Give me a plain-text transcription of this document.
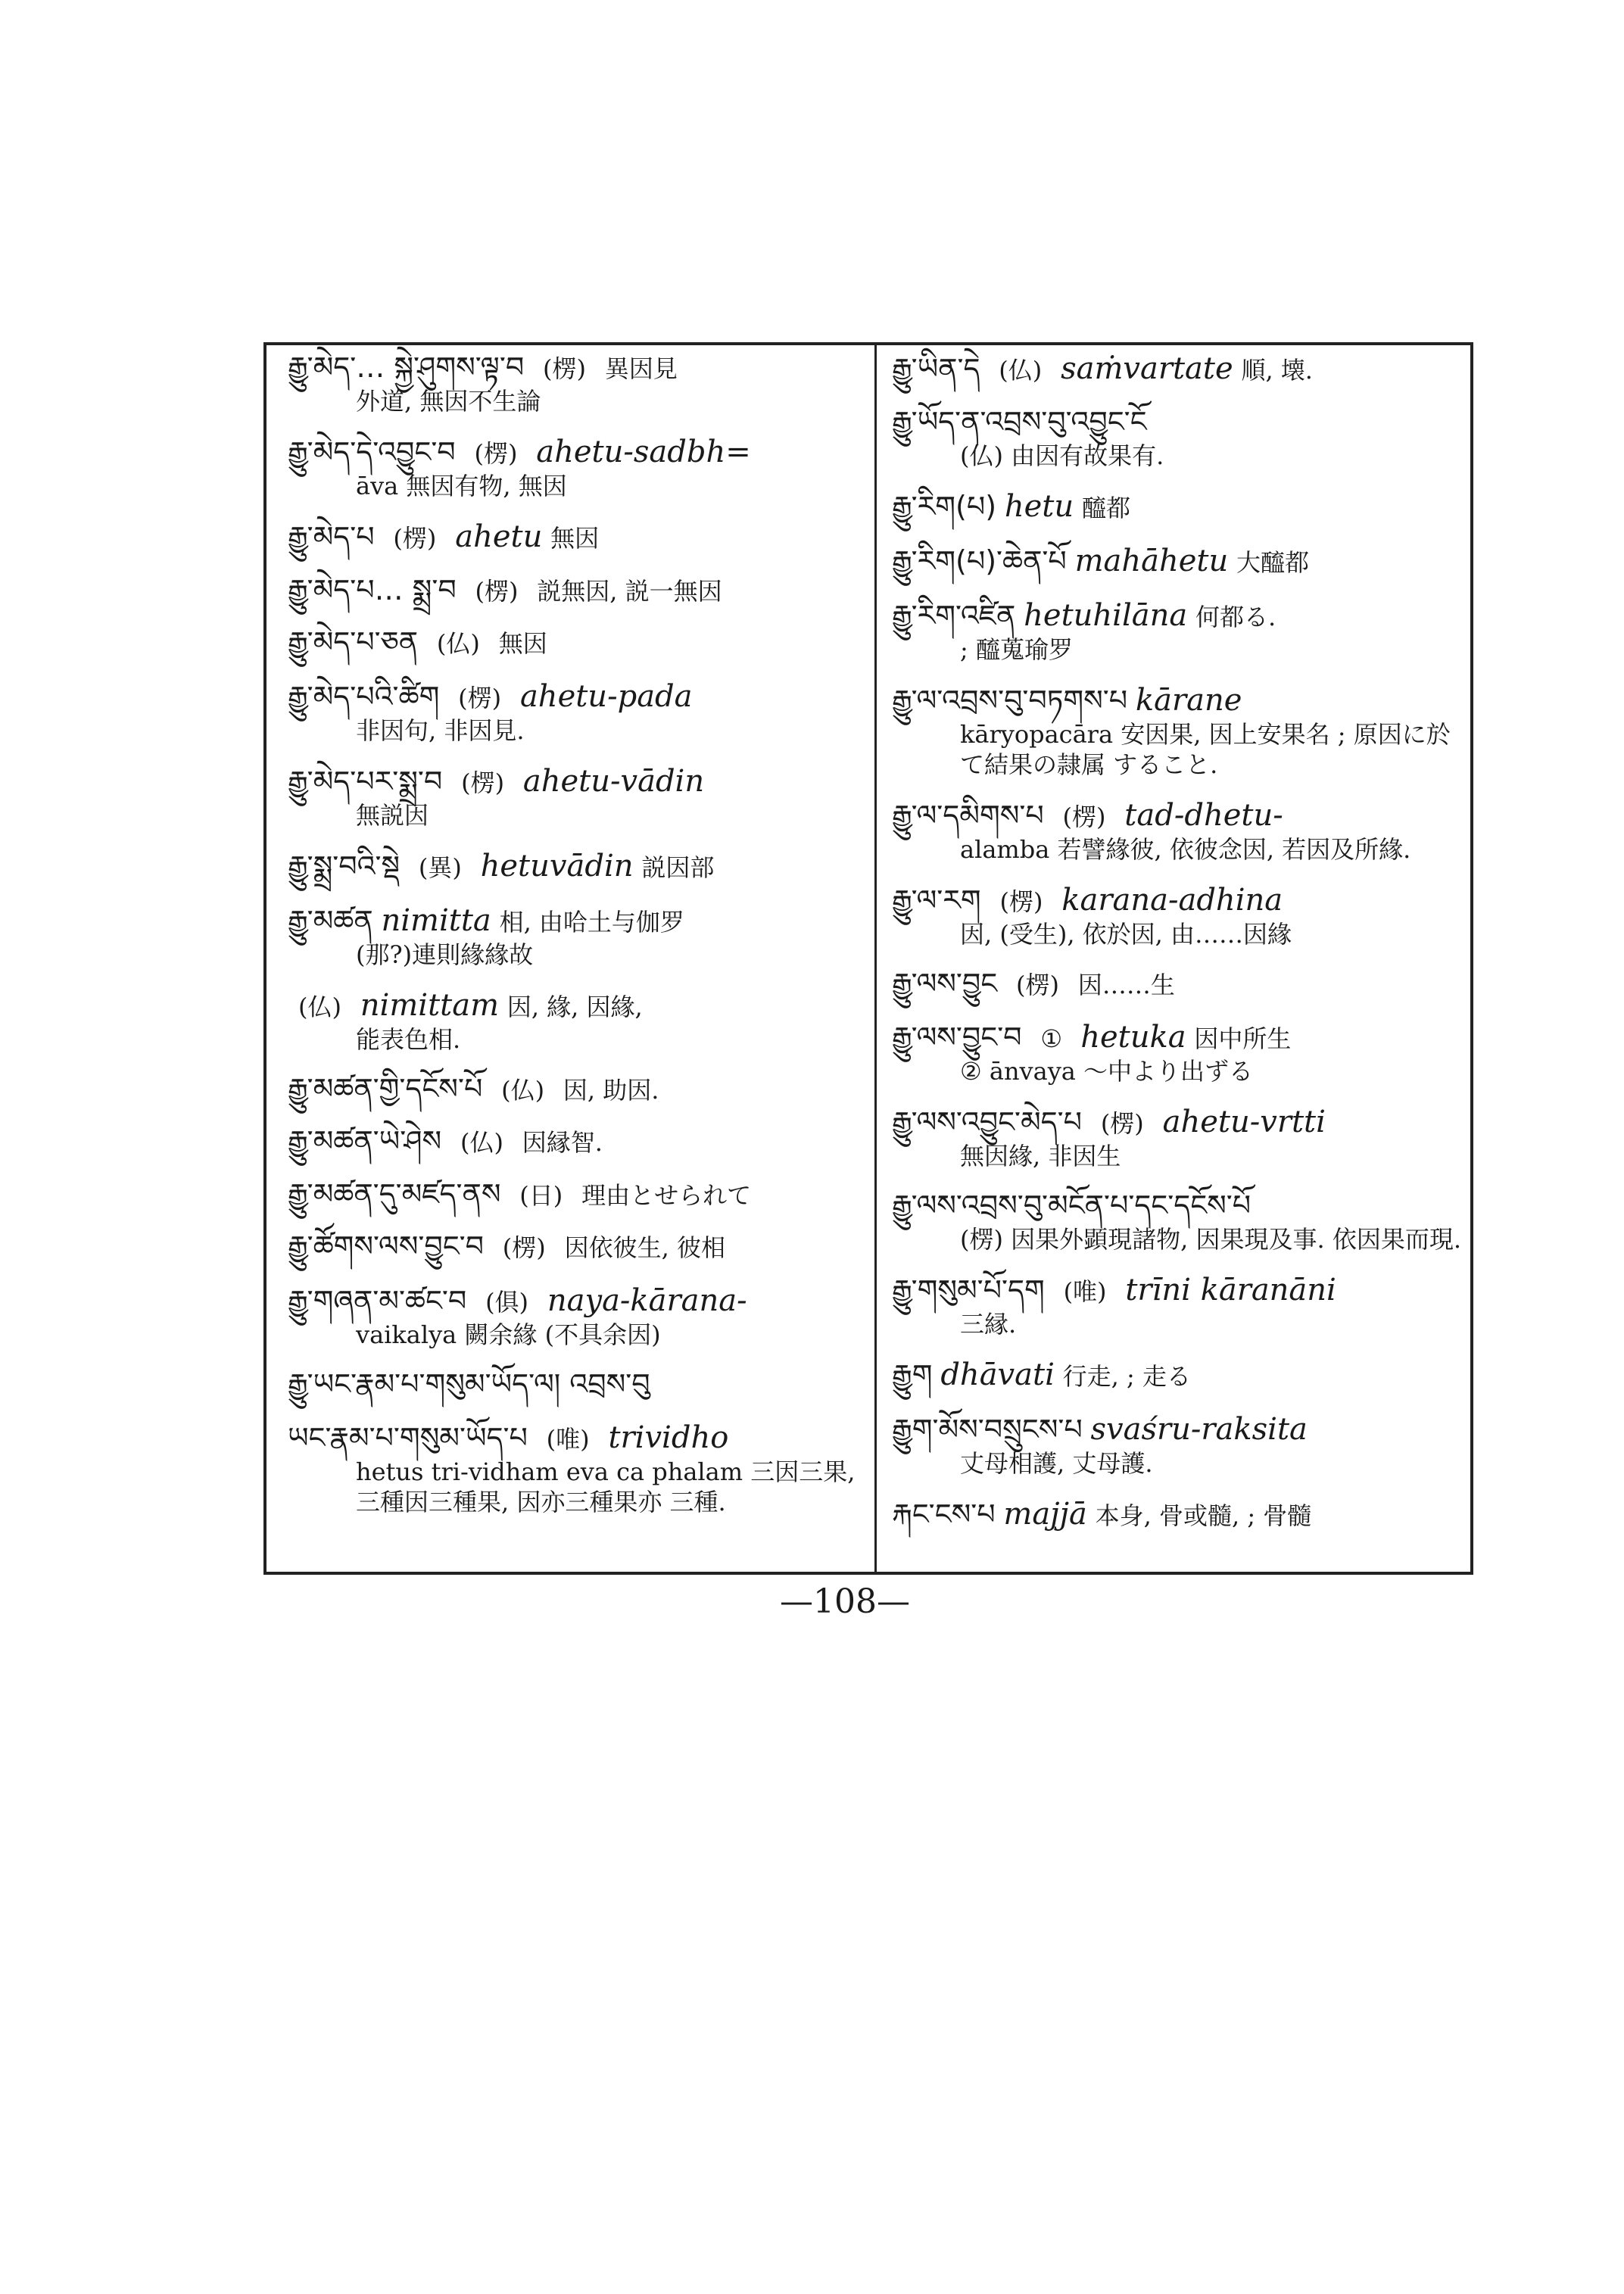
རྒྱུ་མེད་… སྐྱེ་ཤུགས་ལྟ་བ (楞) 異因見
外道, 無因不生論
རྒྱུ་མེད་དེ་འབྱུང་བ (楞) ahetu-sadbh=
āva 無因有物, 無因
རྒྱུ་མེད་པ (楞) ahetu 無因
རྒྱུ་མེད་པ… སྨྲ་བ (楞) 説無因, 説一無因
རྒྱུ་མེད་པ་ཅན (仏) 無因
རྒྱུ་མེད་པའི་ཚིག (楞) ahetu-pada
非因句, 非因見.
རྒྱུ་མེད་པར་སྨྲ་བ (楞) ahetu-vādin
無説因
རྒྱུ་སྨྲ་བའི་སྡེ (異) hetuvādin 説因部
རྒྱུ་མཚན nimitta 相, 由哈土与伽罗
(那?)連則緣緣故
(仏) nimittam 因, 緣, 因緣,
能表色相.
རྒྱུ་མཚན་གྱི་དངོས་པོ (仏) 因, 助因.
རྒྱུ་མཚན་ཡེ་ཤེས (仏) 因縁智.
རྒྱུ་མཚན་དུ་མཛད་ནས (日) 理由とせられて
རྒྱུ་ཚོགས་ལས་བྱུང་བ (楞) 因依彼生, 彼相
རྒྱུ་གཞན་མ་ཚང་བ (俱) naya-kārana-
vaikalya 闕余緣 (不具余因)
རྒྱུ་ཡང་རྣམ་པ་གསུམ་ཡོད་ལ། འབྲས་བུ
ཡང་རྣམ་པ་གསུམ་ཡོད་པ (唯) trividho
hetus tri-vidham eva ca phalam 三因三果, 三種因三種果, 因亦三種果亦 三種.
རྒྱུ་ཡིན་དེ (仏) saṁvartate 順, 壊.
རྒྱུ་ཡོད་ན་འབྲས་བུ་འབྱུང་ངོ
(仏) 由因有故果有.
རྒྱུ་རིག(པ) hetu 醯都
རྒྱུ་རིག(པ)་ཆེན་པོ mahāhetu 大醯都
རྒྱུ་རིག་འཛིན hetuhilāna 何都る.
; 醯蒐瑜罗
རྒྱུ་ལ་འབྲས་བུ་བཏགས་པ kārane
kāryopacāra 安因果, 因上安果名 ; 原因に於て結果の隷属 すること.
རྒྱུ་ལ་དམིགས་པ (楞) tad-dhetu-
alamba 若譬緣彼, 依彼念因, 若因及所緣.
རྒྱུ་ལ་རག (楞) karana-adhina
因, (受生), 依於因, 由……因緣
རྒྱུ་ལས་བྱུང (楞) 因……生
རྒྱུ་ལས་བྱུང་བ ① hetuka 因中所生
② ānvaya 〜中より出ずる
རྒྱུ་ལས་འབྱུང་མེད་པ (楞) ahetu-vrtti
無因緣, 非因生
རྒྱུ་ལས་འབྲས་བུ་མངོན་པ་དང་དངོས་པོ
(楞) 因果外顕現諸物, 因果現及事. 依因果而現.
རྒྱུ་གསུམ་པོ་དག (唯) trīni kāranāni
三縁.
རྒྱུག dhāvati 行走, ; 走る
རྒྱུག་མོས་བསྲུངས་པ svaśru-raksita
丈母相護, 丈母護.
རྐང་ངས་པ majjā 本身, 骨或髓, ; 骨髓
—108—
